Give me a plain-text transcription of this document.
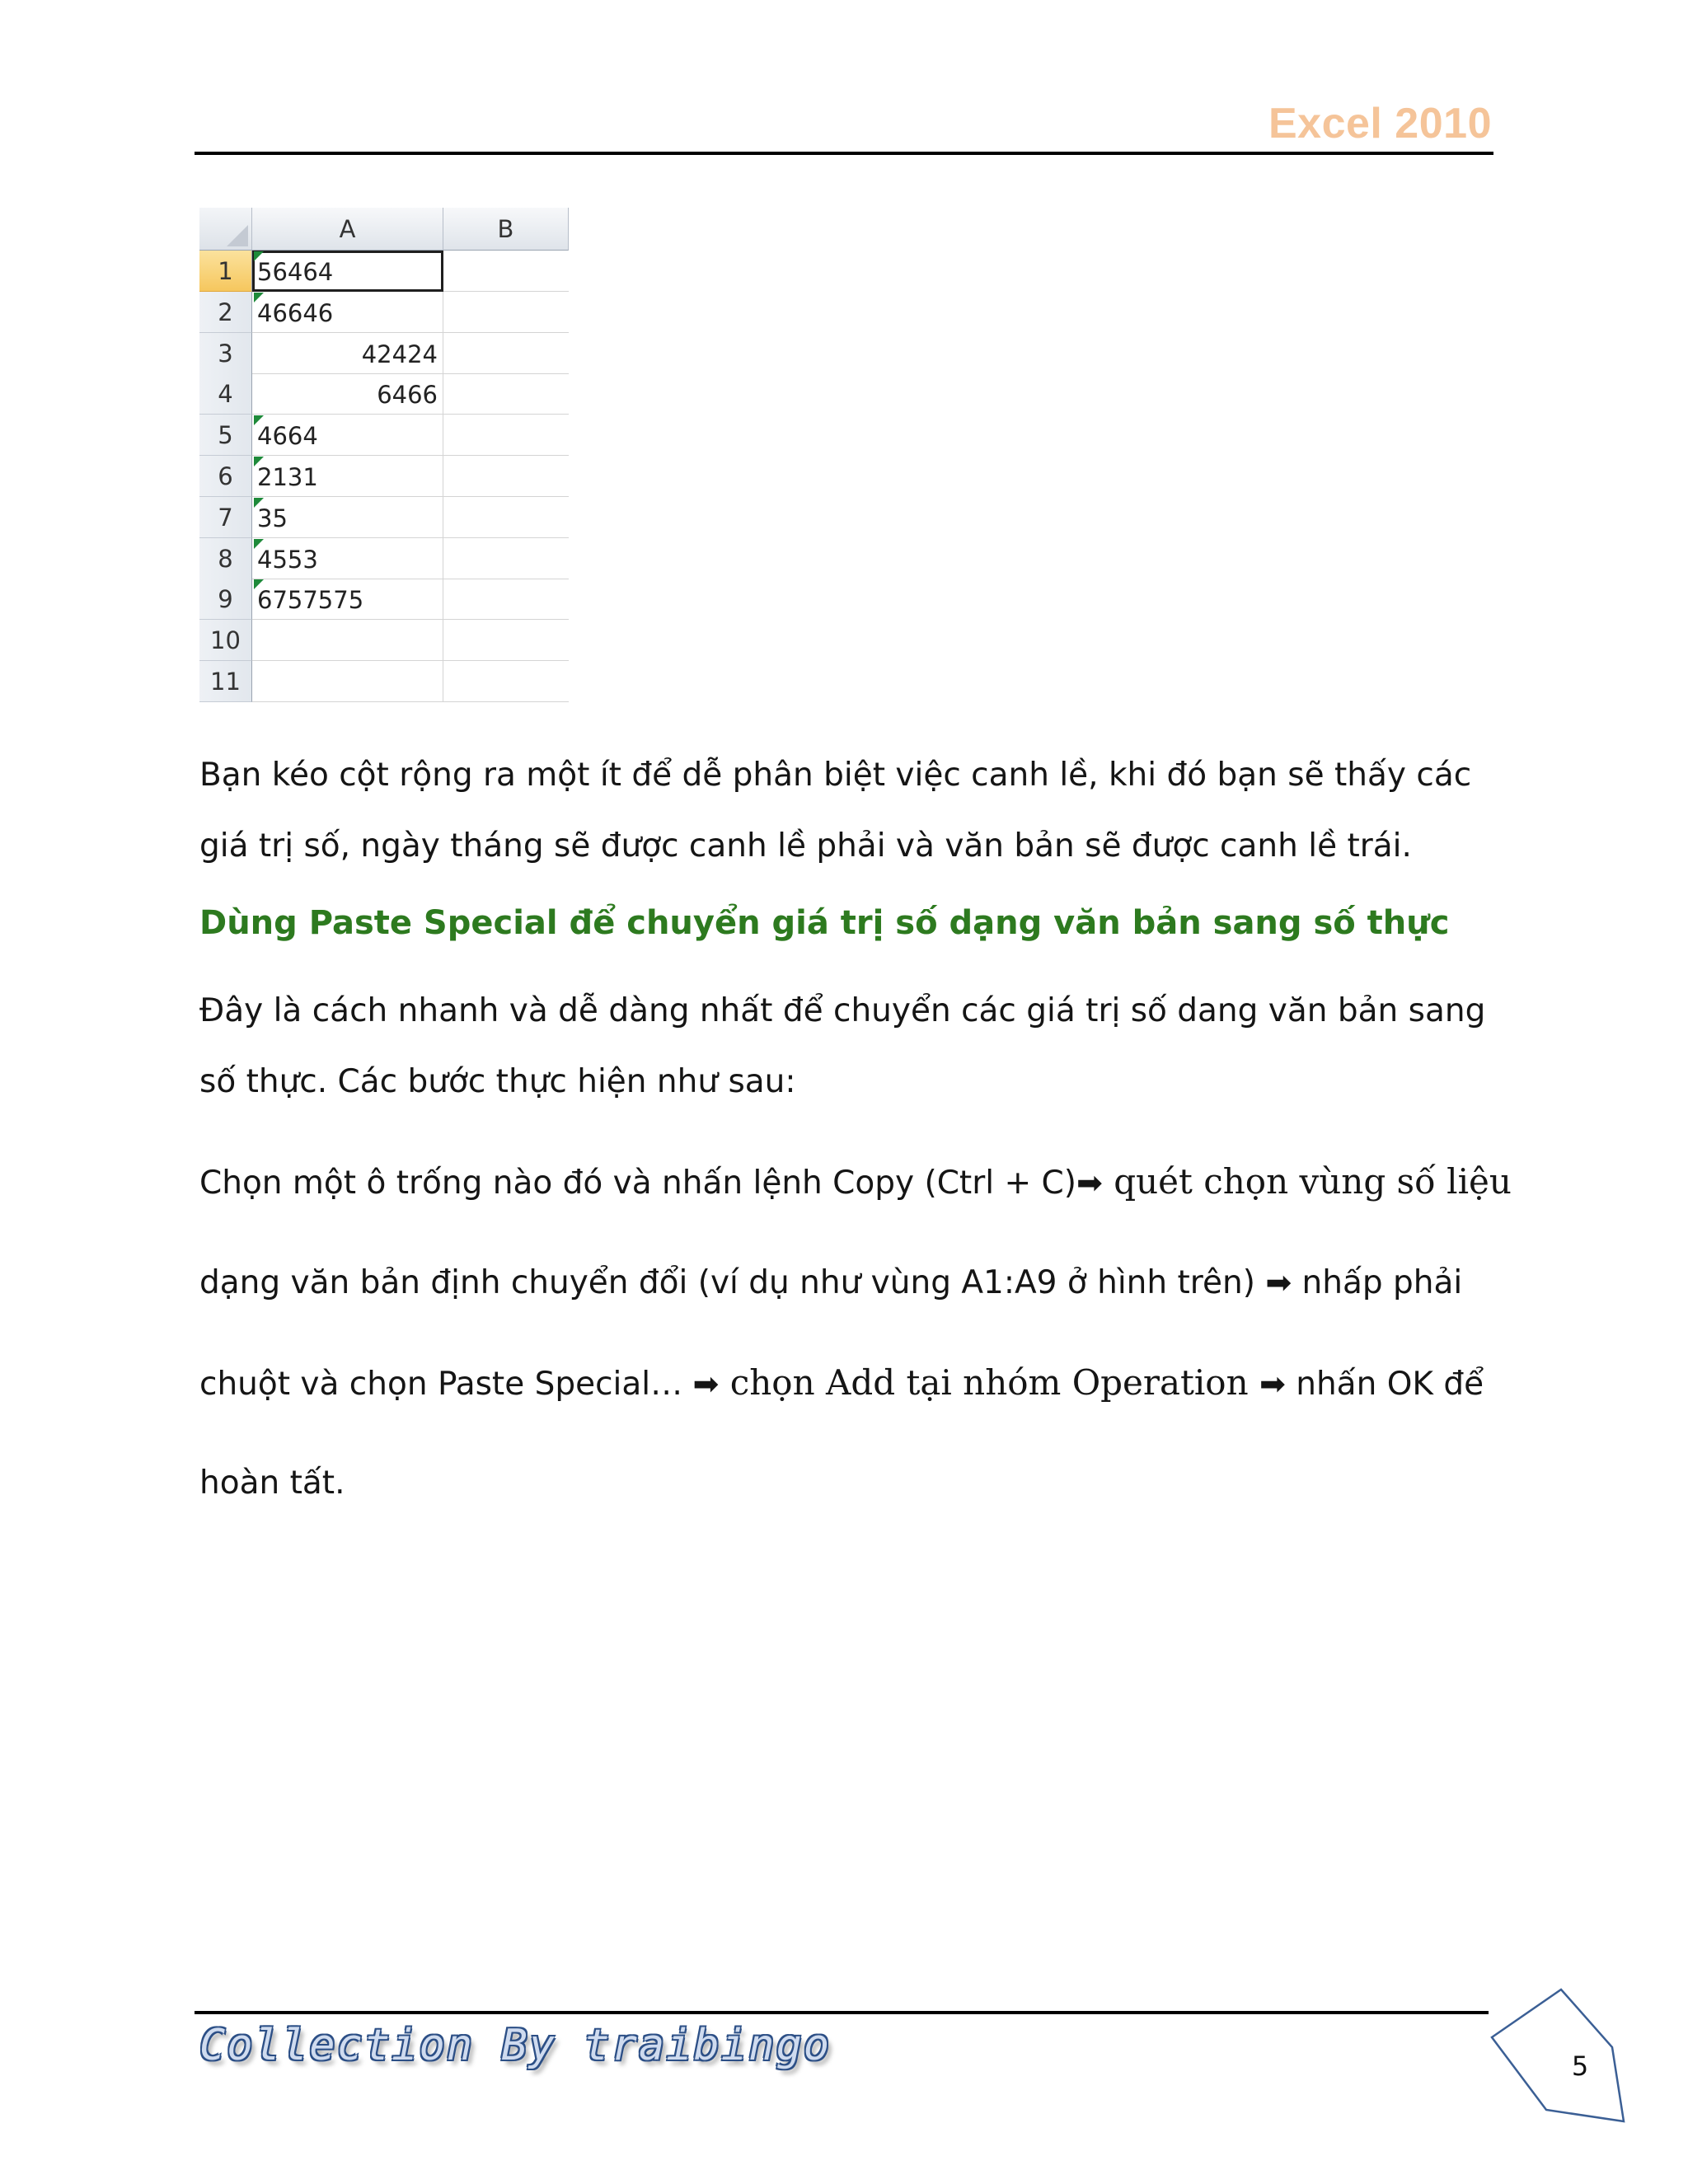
Excel 2010
A	B
1	56464
2	46646
3	42424
4	6466
5	4664
6	2131
7	35
8	4553
9	6757575
10
11
Bạn kéo cột rộng ra một ít để dễ phân biệt việc canh lề, khi đó bạn sẽ thấy các giá trị số, ngày tháng sẽ được canh lề phải và văn bản sẽ được canh lề trái.
Dùng Paste Special để chuyển giá trị số dạng văn bản sang số thực
Đây là cách nhanh và dễ dàng nhất để chuyển các giá trị số dang văn bản sang số thực. Các bước thực hiện như sau:
Chọn một ô trống nào đó và nhấn lệnh Copy (Ctrl + C)➡ quét chọn vùng số liệu
dạng văn bản định chuyển đổi (ví dụ như vùng A1:A9 ở hình trên) ➡ nhấp phải
chuột và chọn Paste Special… ➡ chọn Add tại nhóm Operation ➡ nhấn OK để
hoàn tất.
Collection By traibingo	5
